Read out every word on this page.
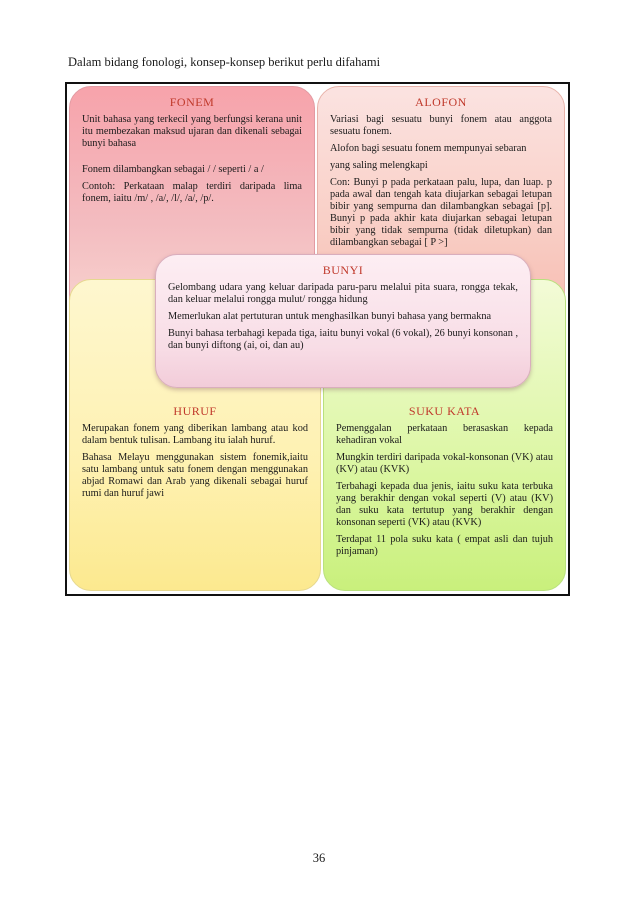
Dalam bidang fonologi, konsep-konsep berikut perlu difahami
FONEM

Unit bahasa yang terkecil yang berfungsi kerana unit itu membezakan maksud ujaran dan dikenali sebagai bunyi bahasa

Fonem dilambangkan sebagai / / seperti / a /

Contoh: Perkataan malap terdiri daripada lima fonem, iaitu /m/ , /a/, /l/, /a/, /p/.

ALOFON

Variasi bagi sesuatu bunyi fonem atau anggota sesuatu fonem.

Alofon bagi sesuatu fonem mempunyai sebaran

yang saling melengkapi

Con: Bunyi p pada perkataan palu, lupa, dan luap. p pada awal dan tengah kata diujarkan sebagai letupan bibir yang sempurna dan dilambangkan sebagai [p]. Bunyi p pada akhir kata diujarkan sebagai letupan bibir yang tidak sempurna (tidak diletupkan) dan dilambangkan sebagai [ P >]

HURUF

Merupakan fonem yang diberikan lambang atau kod dalam bentuk tulisan. Lambang itu ialah huruf.

Bahasa Melayu menggunakan sistem fonemik,iaitu satu lambang untuk satu fonem dengan menggunakan abjad Romawi dan Arab yang dikenali sebagai huruf rumi dan huruf jawi

SUKU KATA

Pemenggalan perkataan berasaskan kepada kehadiran vokal

Mungkin terdiri daripada vokal-konsonan (VK) atau (KV) atau (KVK)

Terbahagi kepada dua jenis, iaitu suku kata terbuka yang berakhir dengan vokal seperti (V) atau (KV) dan suku kata tertutup yang berakhir dengan konsonan seperti (VK) atau (KVK)

Terdapat 11 pola suku kata ( empat asli dan tujuh pinjaman)

BUNYI

Gelombang udara yang keluar daripada paru-paru melalui pita suara, rongga tekak, dan keluar melalui rongga mulut/ rongga hidung

Memerlukan alat pertuturan untuk menghasilkan bunyi bahasa yang bermakna

Bunyi bahasa terbahagi kepada tiga, iaitu bunyi vokal (6 vokal), 26 bunyi konsonan , dan bunyi diftong (ai, oi, dan au)

36
